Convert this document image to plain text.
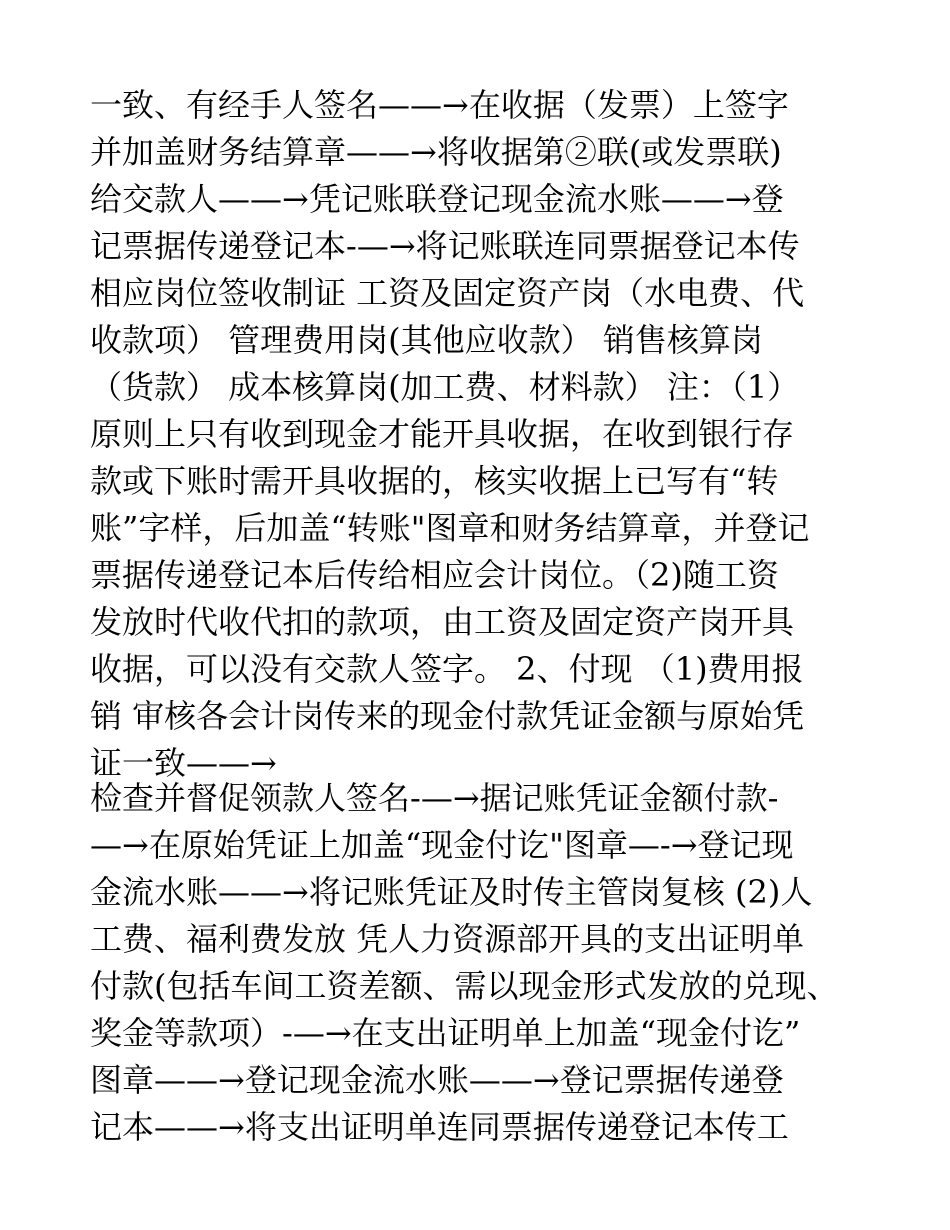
一致、有经手人签名——→在收据（发票）上签字
并加盖财务结算章——→将收据第②联(或发票联)
给交款人——→凭记账联登记现金流水账——→登
记票据传递登记本-—→将记账联连同票据登记本传
相应岗位签收制证 工资及固定资产岗（水电费、代
收款项） 管理费用岗(其他应收款） 销售核算岗
（货款） 成本核算岗(加工费、材料款） 注：（1）
原则上只有收到现金才能开具收据，在收到银行存
款或下账时需开具收据的，核实收据上已写有“转
账”字样，后加盖“转账"图章和财务结算章，并登记
票据传递登记本后传给相应会计岗位。（2)随工资
发放时代收代扣的款项，由工资及固定资产岗开具
收据，可以没有交款人签字。 2、付现 （1)费用报
销 审核各会计岗传来的现金付款凭证金额与原始凭
证一致——→
检查并督促领款人签名-—→据记账凭证金额付款-
—→在原始凭证上加盖“现金付讫"图章—-→登记现
金流水账——→将记账凭证及时传主管岗复核 (2)人
工费、福利费发放 凭人力资源部开具的支出证明单
付款(包括车间工资差额、需以现金形式发放的兑现、
奖金等款项）-—→在支出证明单上加盖“现金付讫”
图章——→登记现金流水账——→登记票据传递登
记本——→将支出证明单连同票据传递登记本传工
